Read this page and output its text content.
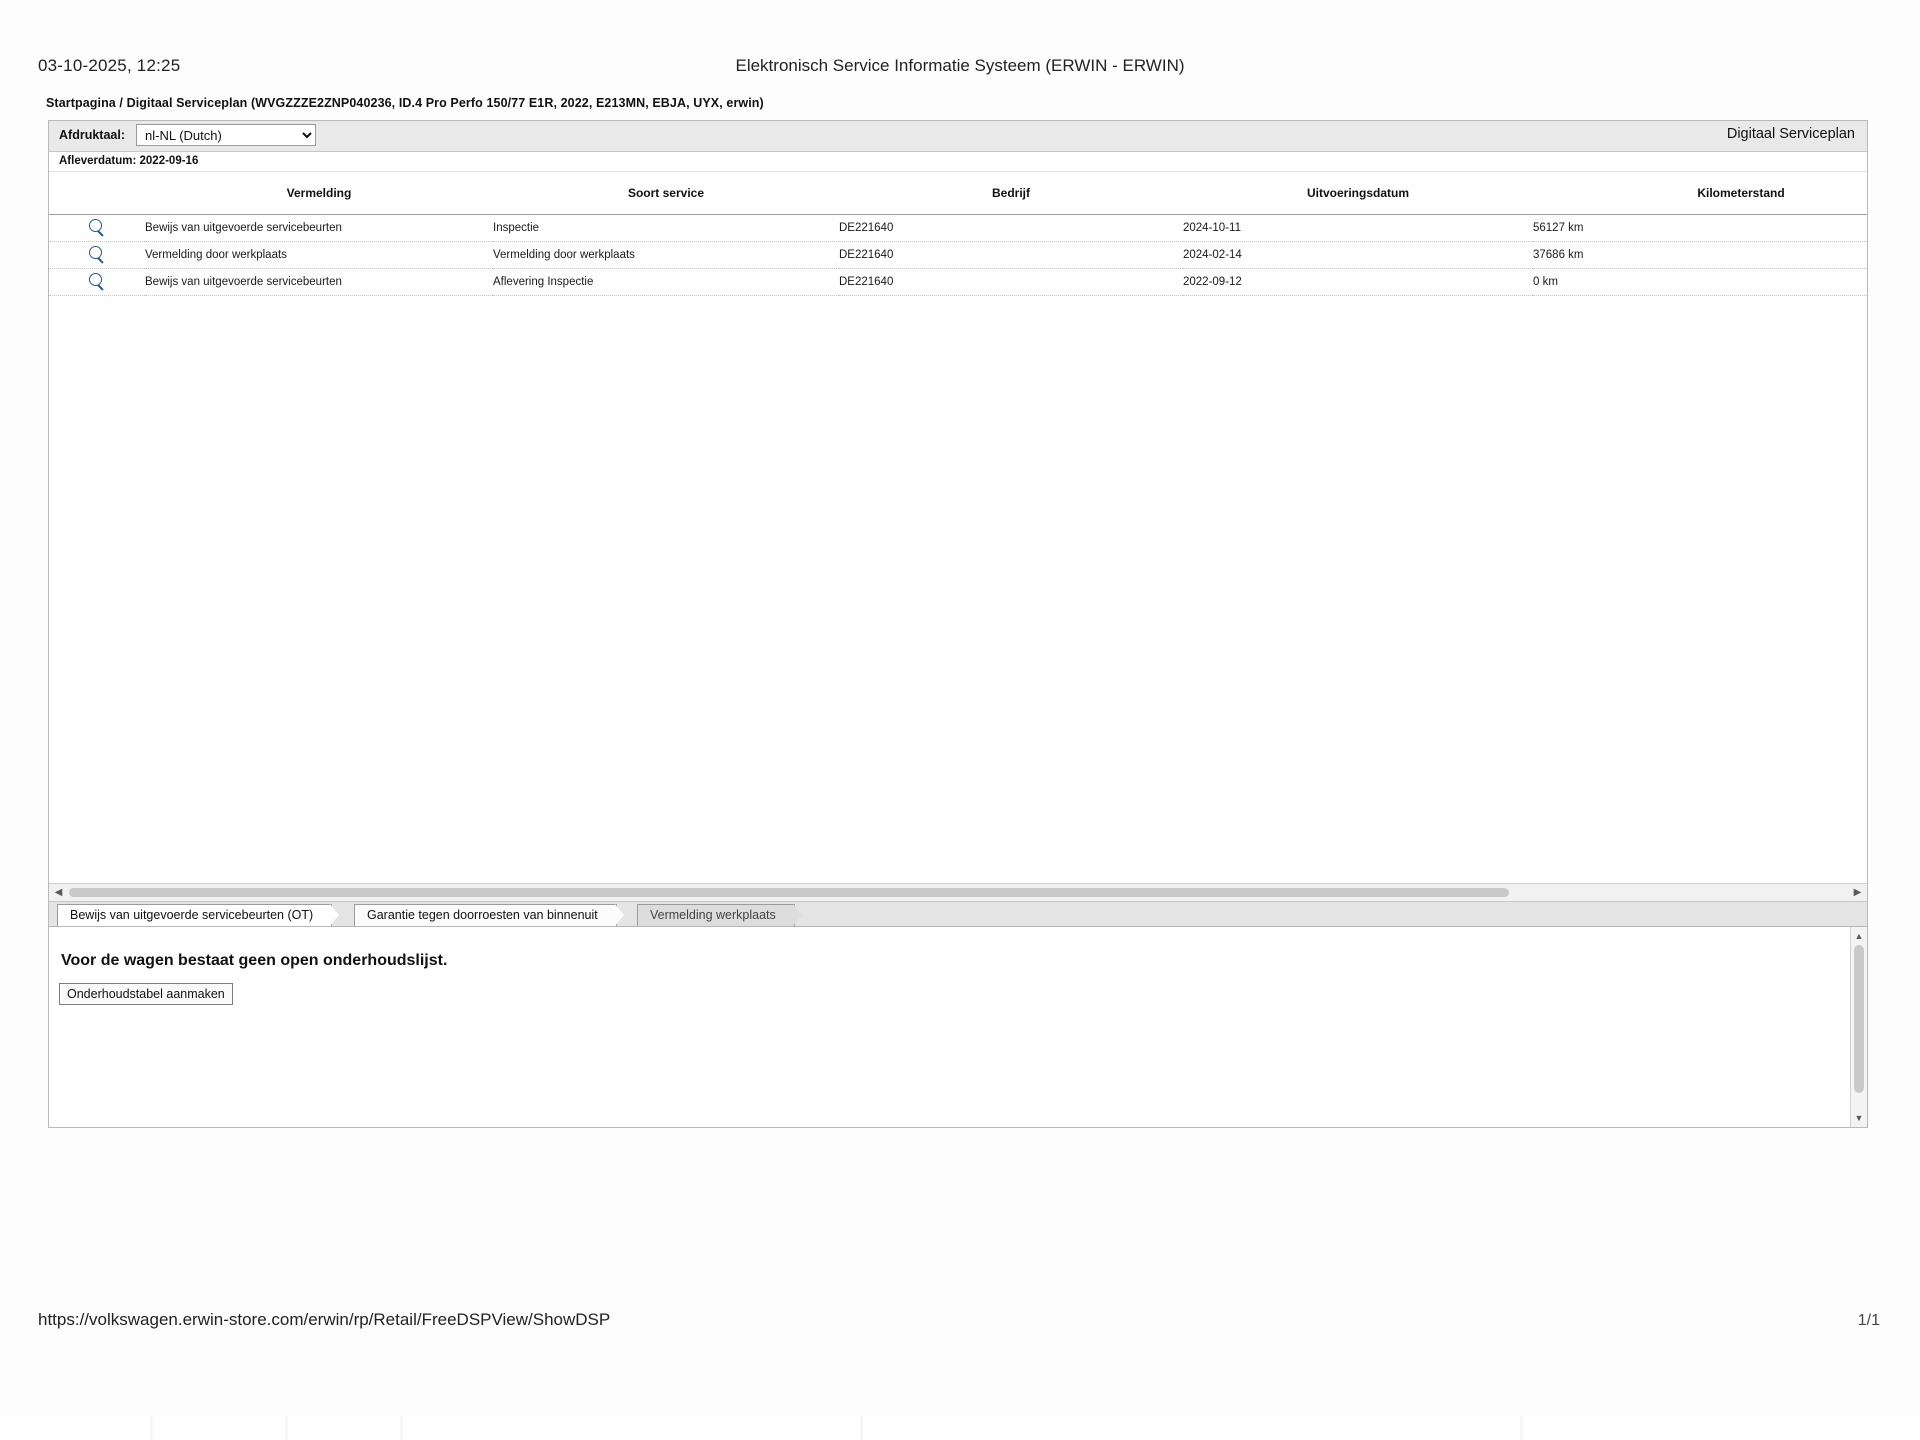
03-10-2025, 12:25	Elektronisch Service Informatie Systeem (ERWIN - ERWIN)
Startpagina / Digitaal Serviceplan (WVGZZZE2ZNP040236, ID.4 Pro Perfo 150/77 E1R, 2022, E213MN, EBJA, UYX, erwin)
Afdruktaal:
nl-NL (Dutch)	Digitaal Serviceplan
Afleverdatum: 2022-09-16
	Vermelding	Soort service	Bedrijf	Uitvoeringsdatum	Kilometerstand

	Bewijs van uitgevoerde servicebeurten	Inspectie	DE221640	2024-10-11	56127 km

	Vermelding door werkplaats	Vermelding door werkplaats	DE221640	2024-02-14	37686 km

	Bewijs van uitgevoerde servicebeurten	Aflevering Inspectie	DE221640	2022-09-12	0 km
◀	▶
Bewijs van uitgevoerde servicebeurten (OT)	Garantie tegen doorroesten van binnenuit	Vermelding werkplaats
Voor de wagen bestaat geen open onderhoudslijst.
Onderhoudstabel aanmaken
▲
▼
https://volkswagen.erwin-store.com/erwin/rp/Retail/FreeDSPView/ShowDSP	1/1
